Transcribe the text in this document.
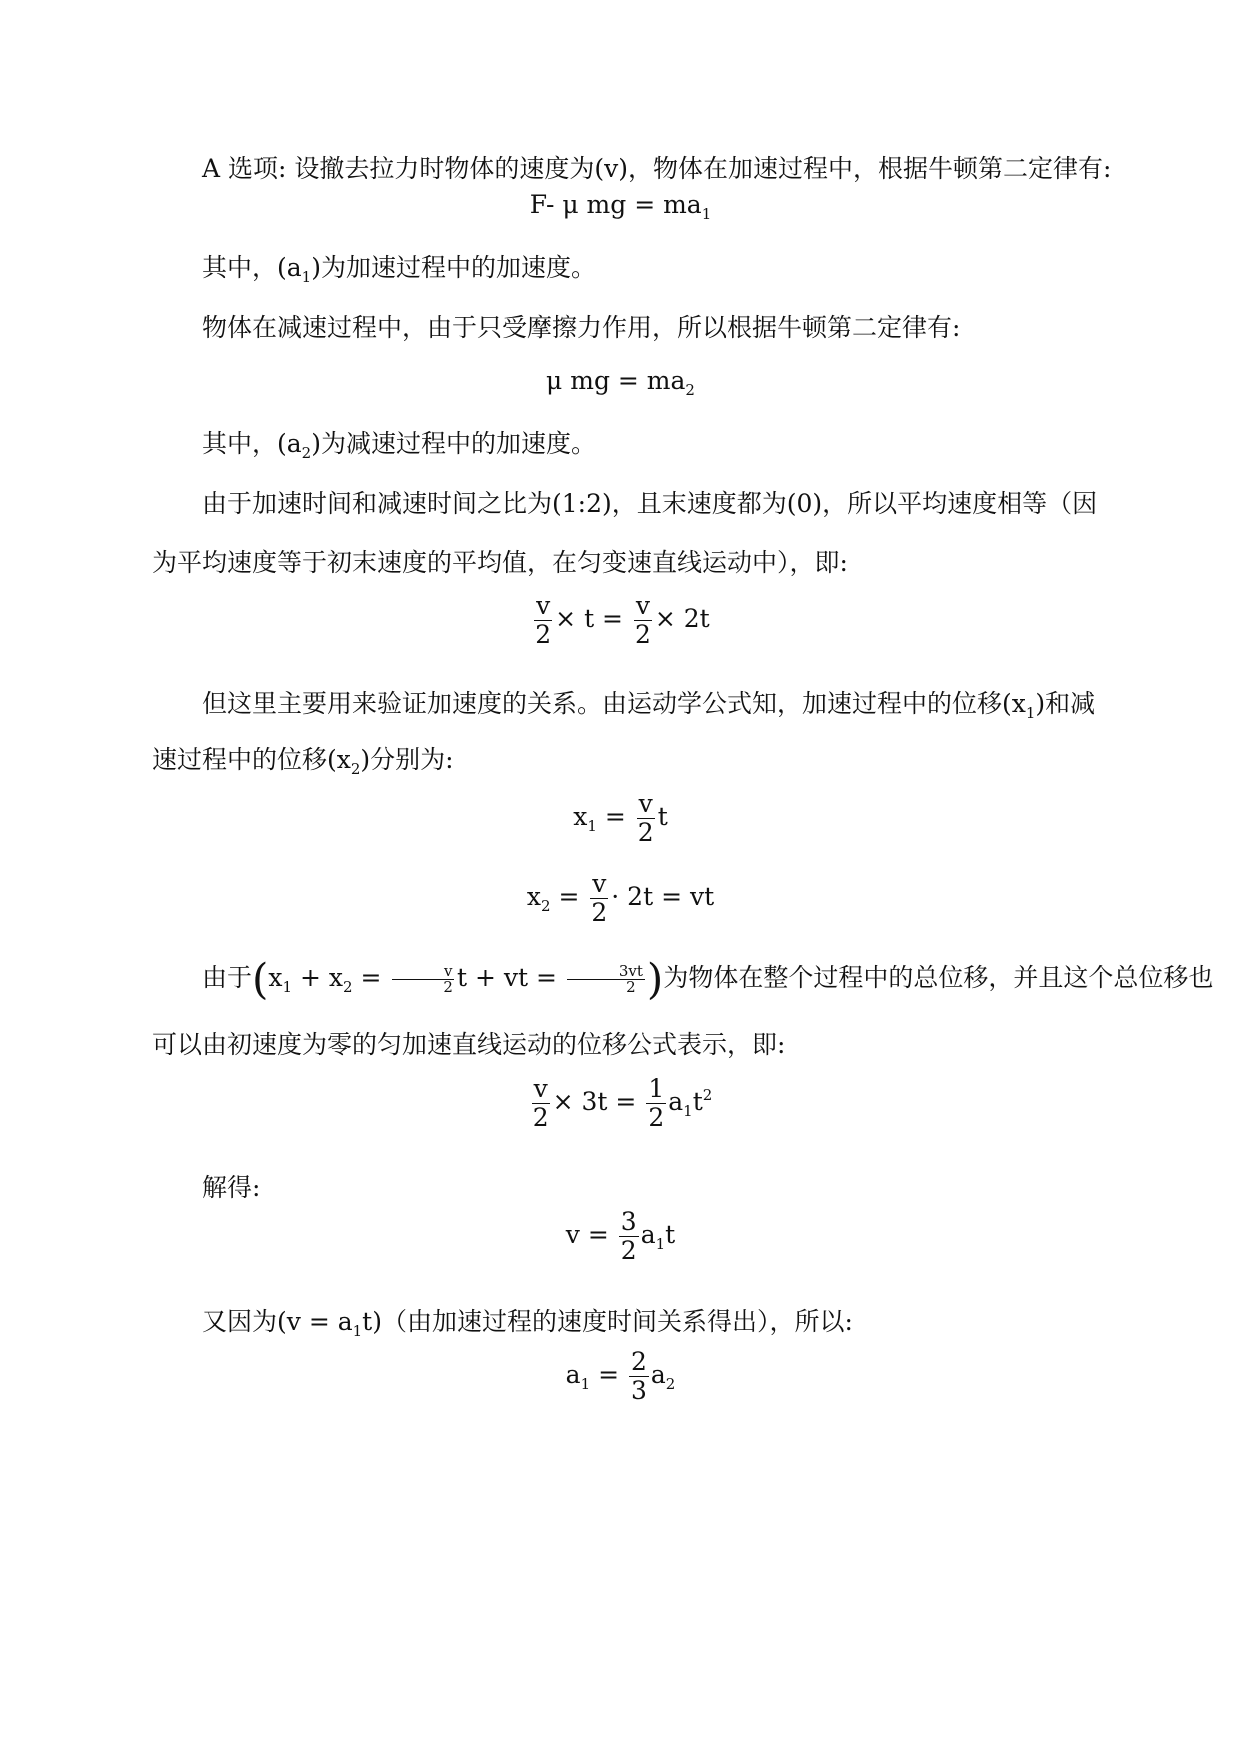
A 选项: 设撤去拉力时物体的速度为(v)，物体在加速过程中，根据牛顿第二定律有:
F- μ mg = $ma_1$
其中，$(a_1)$为加速过程中的加速度。
物体在减速过程中，由于只受摩擦力作用，所以根据牛顿第二定律有:
μ mg = $ma_2$
其中，$(a_2)$为减速过程中的加速度。
由于加速时间和减速时间之比为(1:2)，且末速度都为(0)，所以平均速度相等（因
为平均速度等于初末速度的平均值，在匀变速直线运动中），即:
$\frac{v}{2} \times t = \frac{v}{2} \times 2t$
但这里主要用来验证加速度的关系。由运动学公式知，加速过程中的位移$(x_1)$和减
速过程中的位移$(x_2)$分别为:
$x_1 = \frac{v}{2}$ t
$x_2 = \frac{v}{2} \cdot 2t$ = vt
由于($x_1 + x_2 = \frac{v}{2}$ t + vt = $\frac{3vt}{2}$ )为物体在整个过程中的总位移，并且这个总位移也
可以由初速度为零的匀加速直线运动的位移公式表示，即:
$\frac{v}{2} \times 3t = \frac{1}{2} a_1t^2$
解得:
$v = \frac{3}{2} a_1t$
又因为$(v = a_1t)$（由加速过程的速度时间关系得出），所以:
$a_1 = \frac{2}{3} a_2$
